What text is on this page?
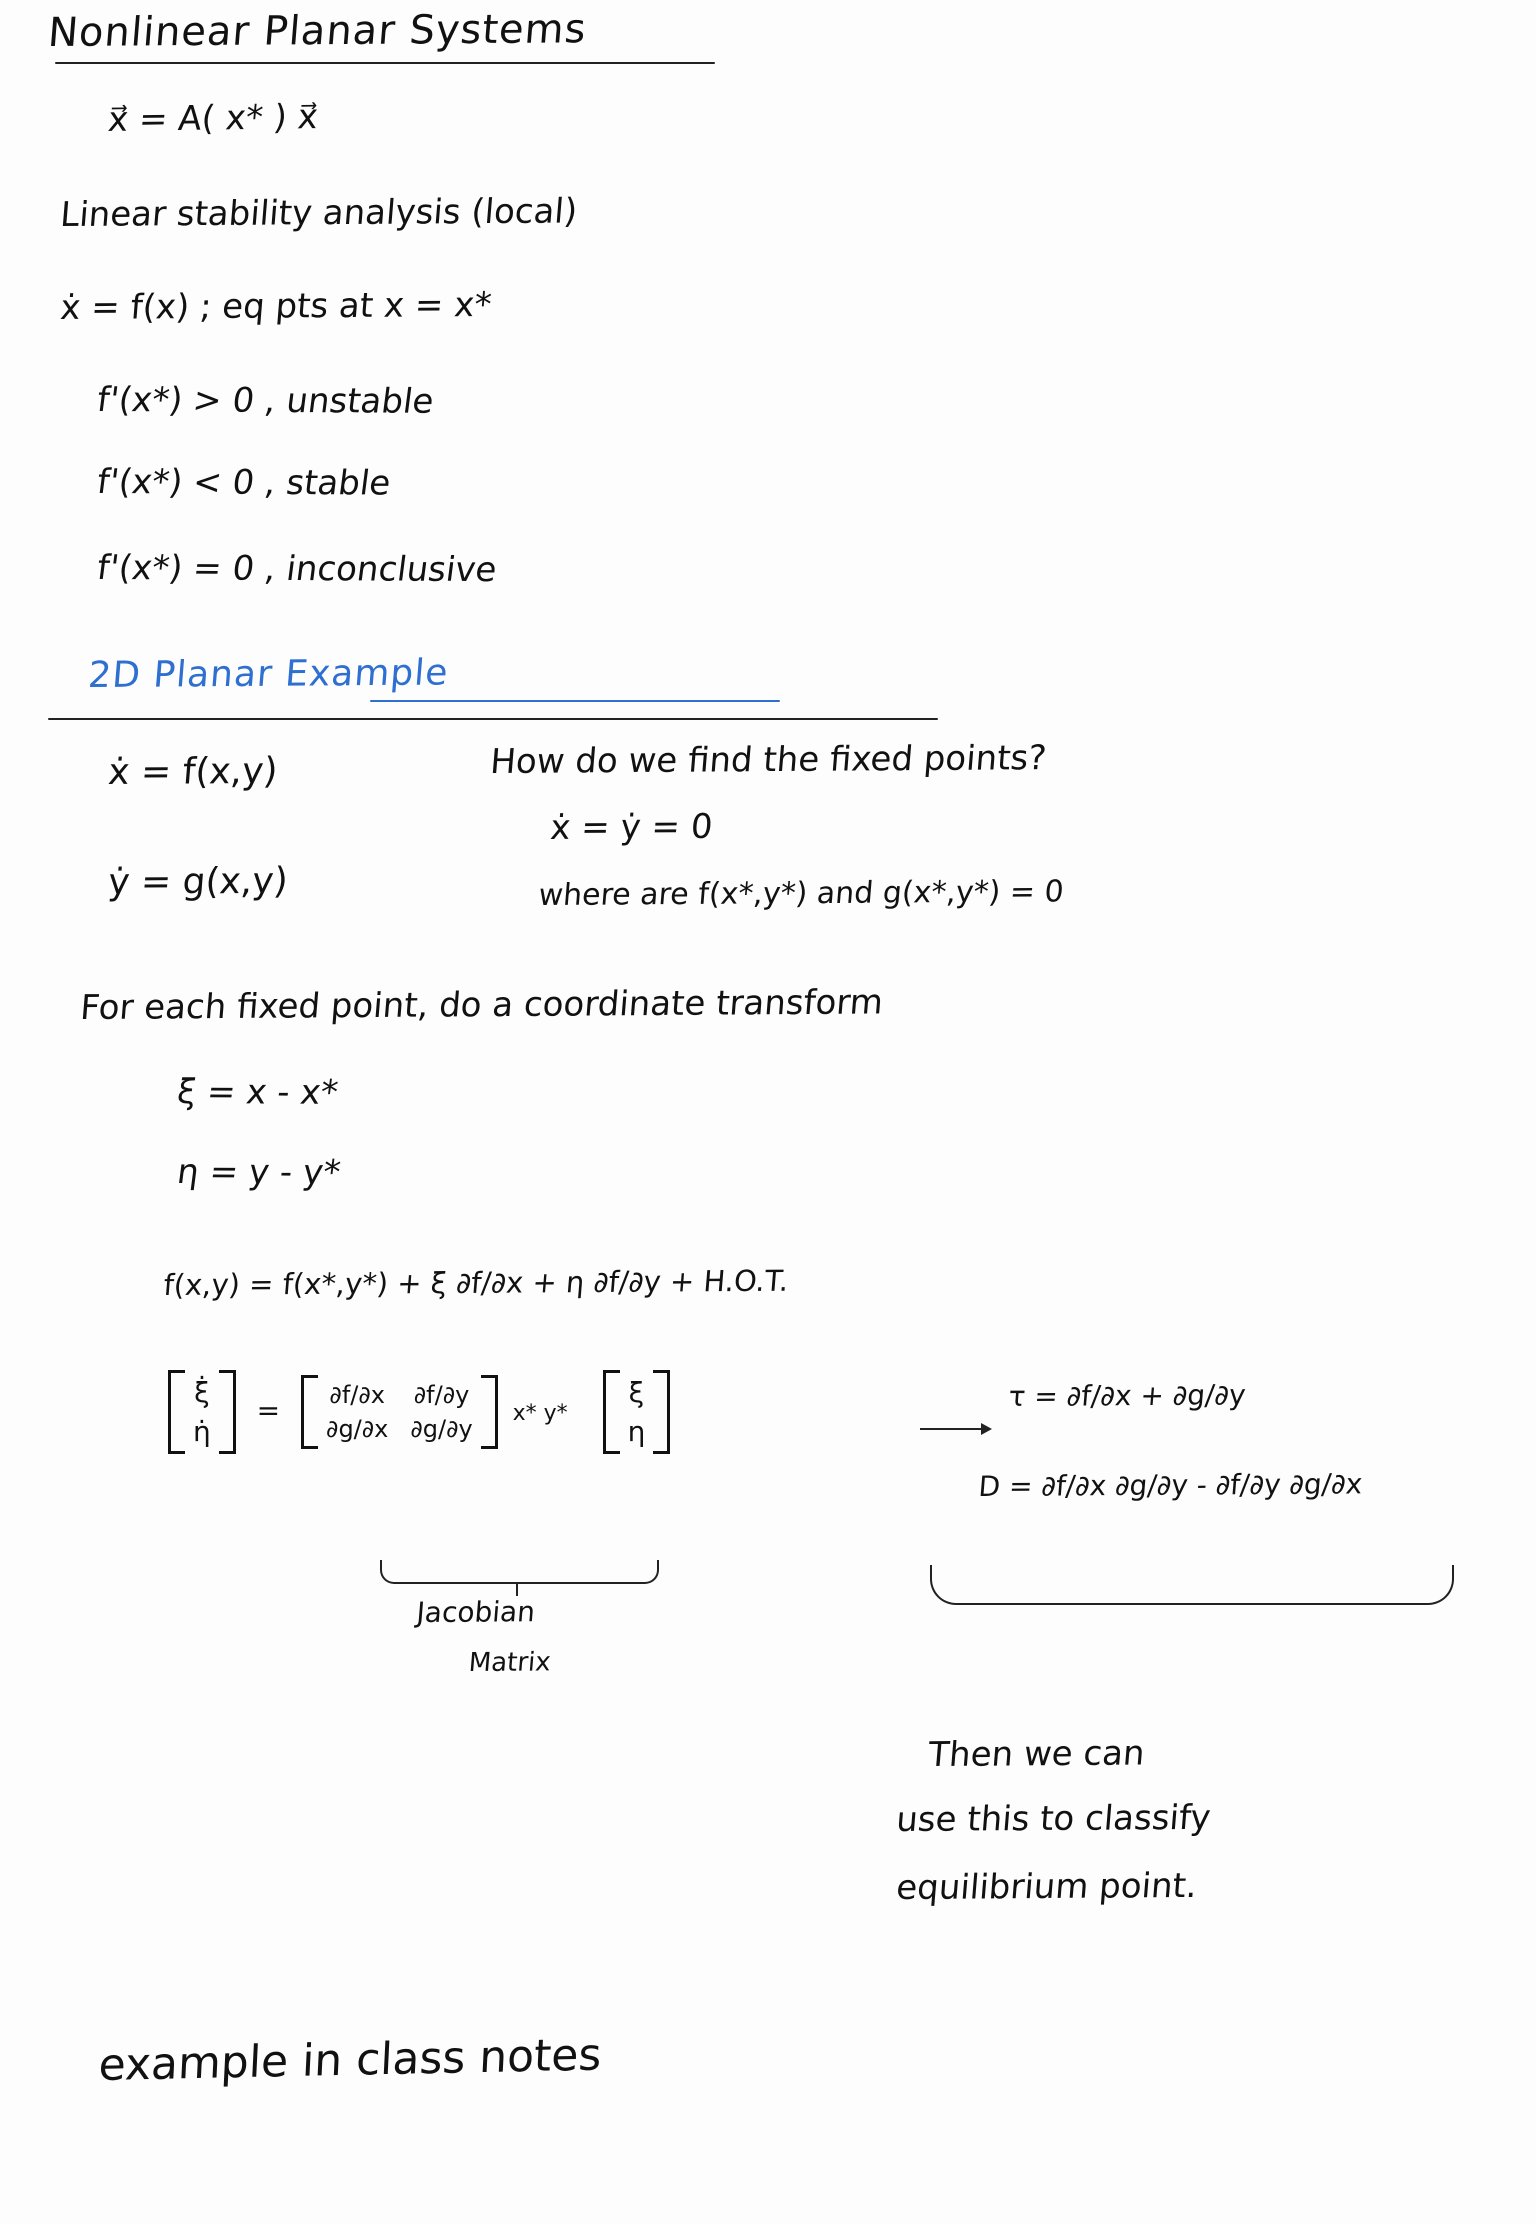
Nonlinear Planar Systems
x⃗ = A( x* ) x⃗
Linear stability analysis (local)
ẋ = f(x) ; eq pts at x = x*
f'(x*) > 0 , unstable
f'(x*) < 0 , stable
f'(x*) = 0 , inconclusive
2D Planar Example
ẋ = f(x,y)
ẏ = g(x,y)
How do we find the fixed points?
ẋ = ẏ = 0
where are f(x*,y*) and g(x*,y*) = 0
For each fixed point, do a coordinate transform
ξ = x - x*
η = y - y*
f(x,y) = f(x*,y*) + ξ ∂f/∂x + η ∂f/∂y + H.O.T.
ξ̇
η̇
= ∂f/∂x ∂f/∂y
∂g/∂x ∂g/∂y
x* y*
ξ
η
τ = ∂f/∂x + ∂g/∂y
D = ∂f/∂x ∂g/∂y - ∂f/∂y ∂g/∂x
Jacobian
Matrix
Then we can
use this to classify
equilibrium point.
example in class notes
